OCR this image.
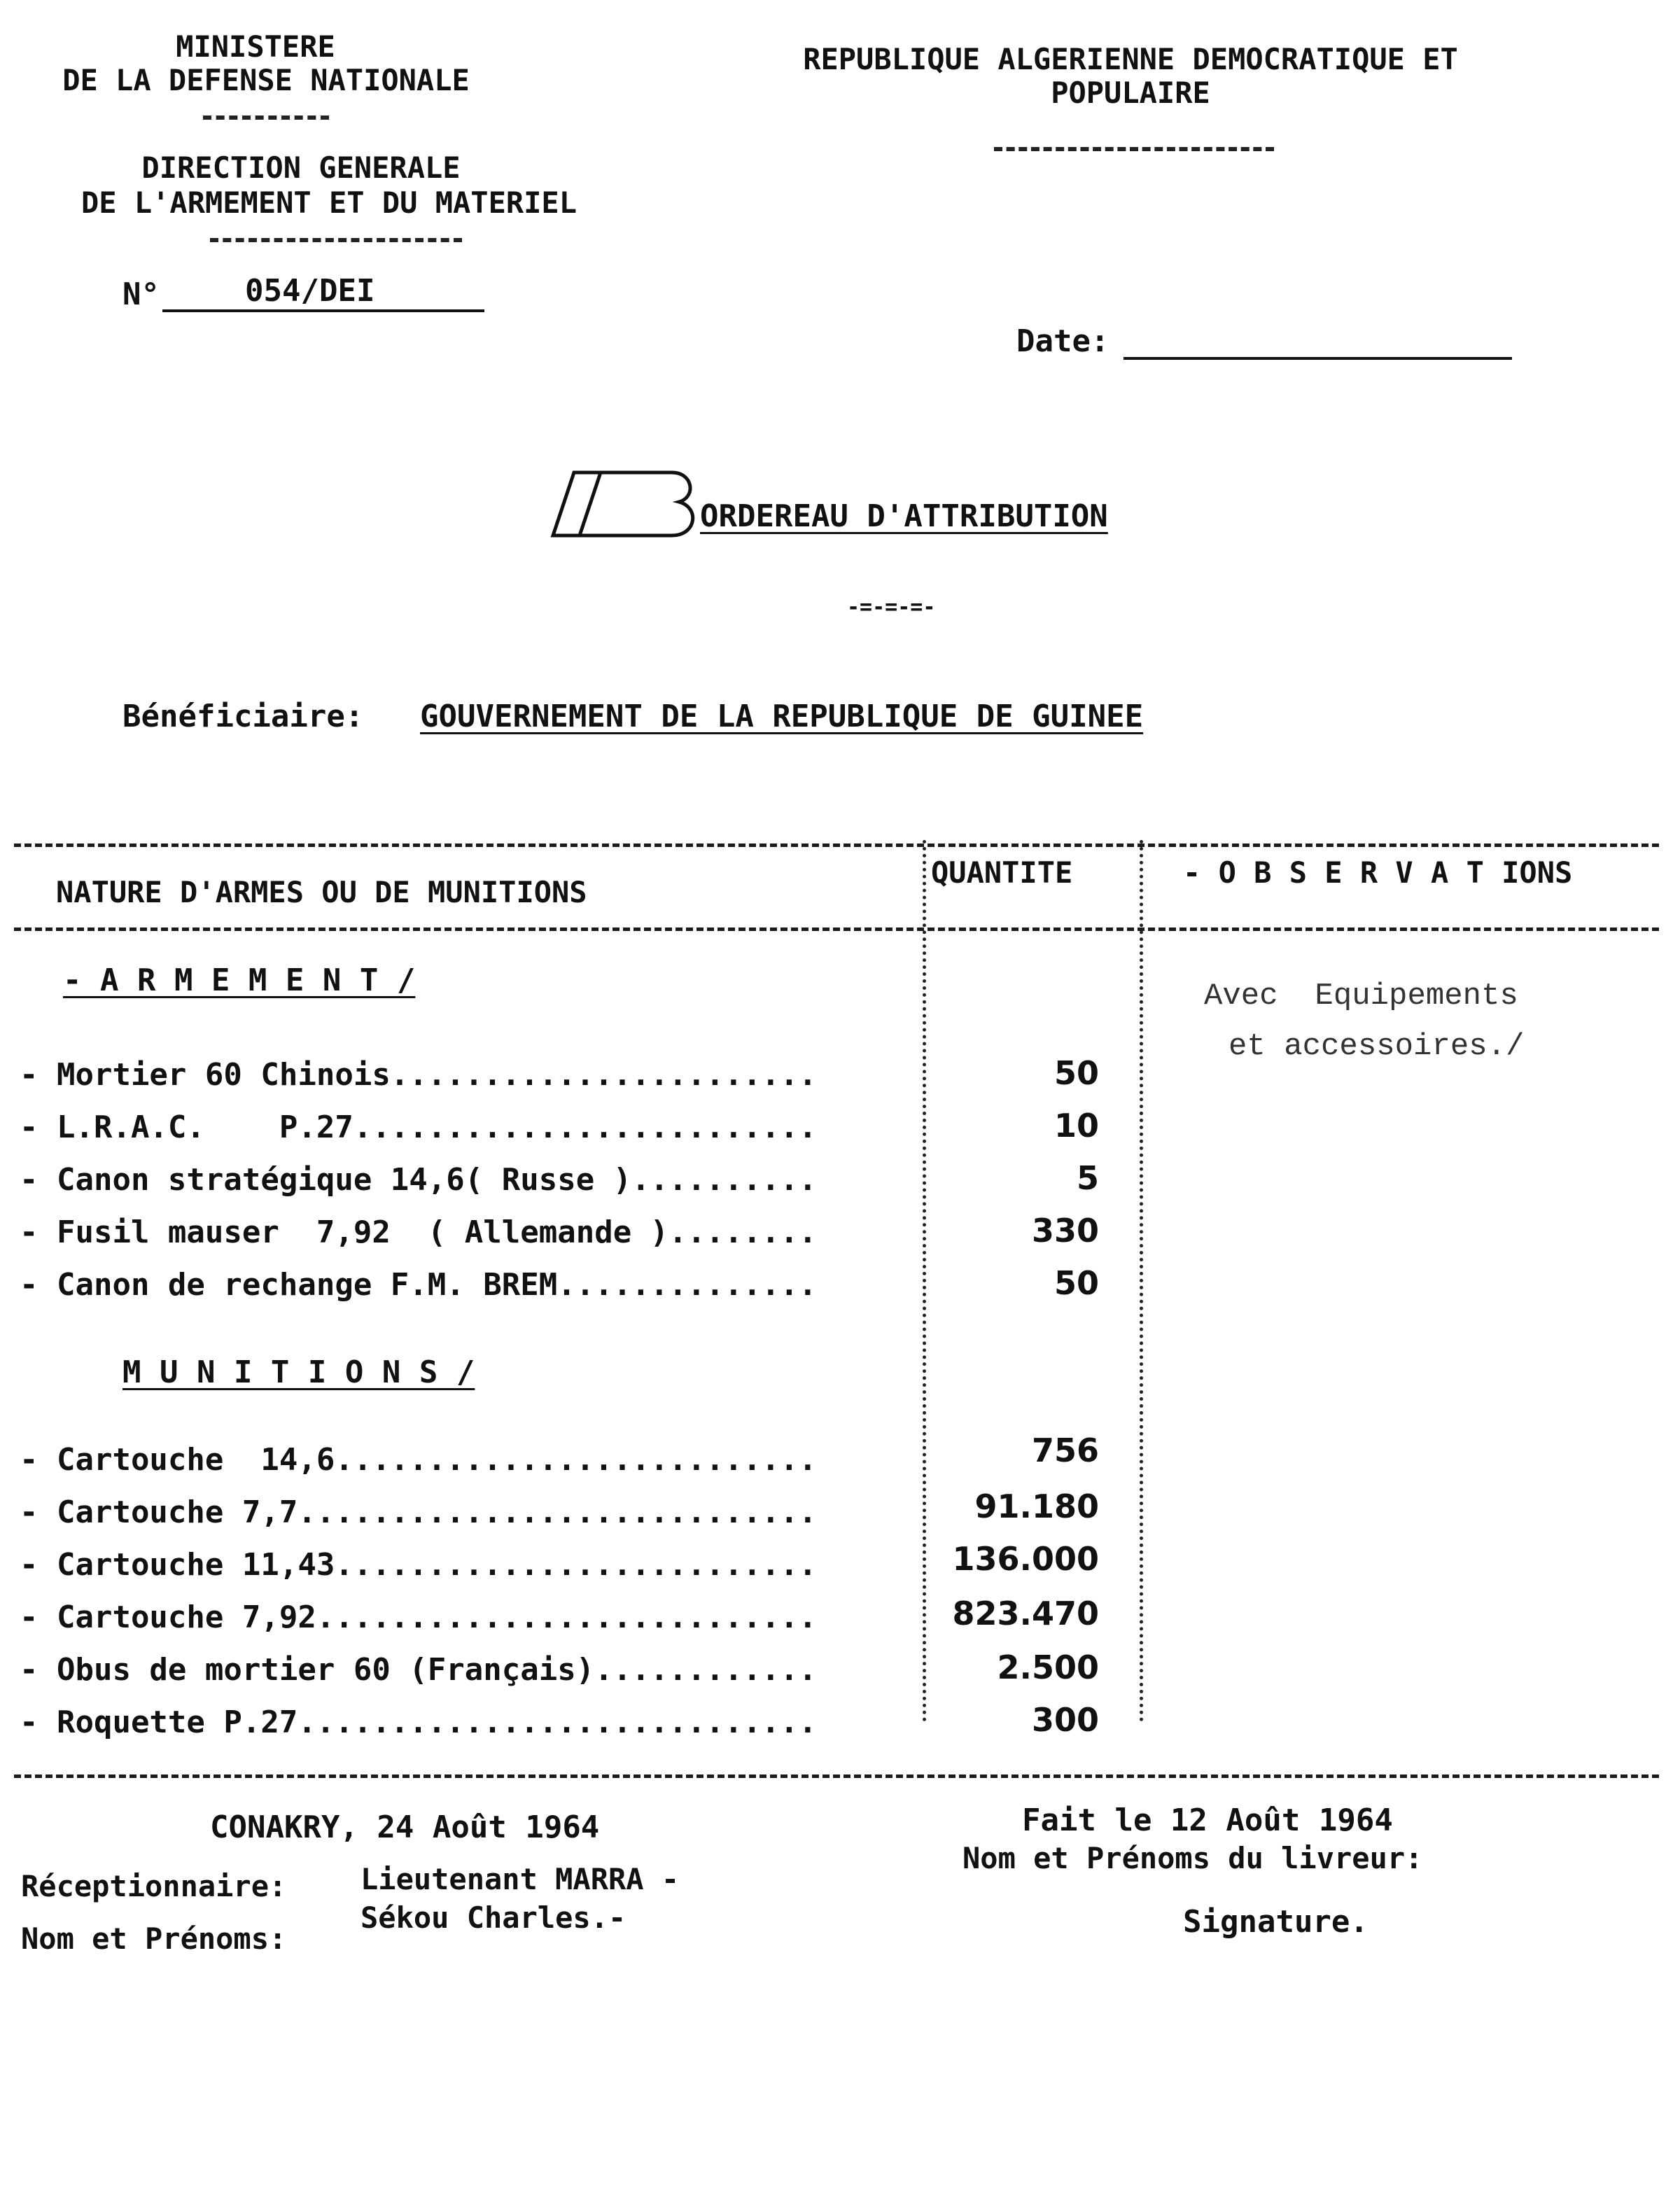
MINISTERE
DE LA DEFENSE NATIONALE
DIRECTION GENERALE
DE L'ARMEMENT ET DU MATERIEL
N°	054/DEI
REPUBLIQUE ALGERIENNE DEMOCRATIQUE ET
POPULAIRE
Date:
ORDEREAU D'ATTRIBUTION
-=-=-=-
Bénéficiaire: GOUVERNEMENT DE LA REPUBLIQUE DE GUINEE
NATURE D'ARMES OU DE MUNITIONS
QUANTITE	- O B S E R V A T IONS
- A R M E M E N T /	Avec  Equipements
et accessoires./
- Mortier 60 Chinois.......................	50
- L.R.A.C.    P.27.........................	10
- Canon stratégique 14,6( Russe )..........	5
- Fusil mauser  7,92  ( Allemande )........	330
- Canon de rechange F.M. BREM..............	50
M U N I T I O N S /
- Cartouche  14,6..........................	756
- Cartouche 7,7............................	91.180
- Cartouche 11,43..........................	136.000
- Cartouche 7,92...........................	823.470
- Obus de mortier 60 (Français)............	2.500
- Roquette P.27............................	300
CONAKRY, 24 Août 1964
Réceptionnaire:	Lieutenant MARRA -
Sékou Charles.-
Nom et Prénoms:
Fait le 12 Août 1964
Nom et Prénoms du livreur:
Signature.
